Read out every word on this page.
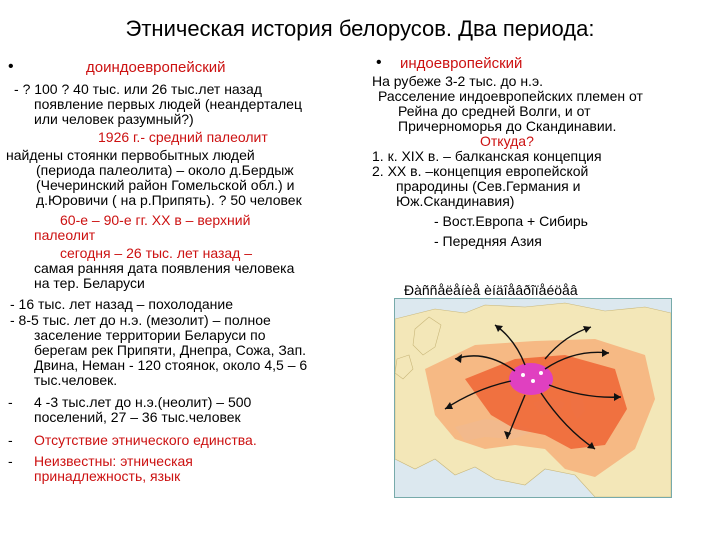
Этническая история белорусов. Два периода:
•	доиндоевропейский
- ? 100 ? 40 тыс. или 26 тыс.лет назад
появление первых людей (неандерталец
или человек разумный?)
1926 г.- средний палеолит
найдены стоянки первобытных людей
(периода палеолита) – около д.Бердыж
(Чечеринский район Гомельской обл.) и
д.Юровичи ( на р.Припять). ? 50 человек
60-е – 90-е гг. XX в – верхний
палеолит
сегодня – 26 тыс. лет назад –
самая ранняя дата появления человека
на тер. Беларуси
- 16 тыс. лет назад – похолодание
- 8-5 тыс. лет до н.э. (мезолит) – полное
заселение территории Беларуси по
берегам рек Припяти, Днепра, Сожа, Зап.
Двина, Неман - 120 стоянок, около 4,5 – 6
тыс.человек.
- 4 -3 тыс.лет до н.э.(неолит) – 500
поселений, 27 – 36 тыс.человек
- Отсутствие этнического единства.
- Неизвестны: этническая
принадлежность, язык
• индоевропейский
На рубеже 3-2 тыс. до н.э.
Расселение индоевропейских племен от
Рейна до средней Волги, и от
Причерноморья до Скандинавии.
Откуда?
1. к. XIX в. – балканская концепция
2. XX в. –концепция европейской
прародины (Сев.Германия и
Юж.Скандинавия)
- Вост.Европа + Сибирь
- Передняя Азия
Ðàññåëåíèå èíäîåâðîïåéöåâ
